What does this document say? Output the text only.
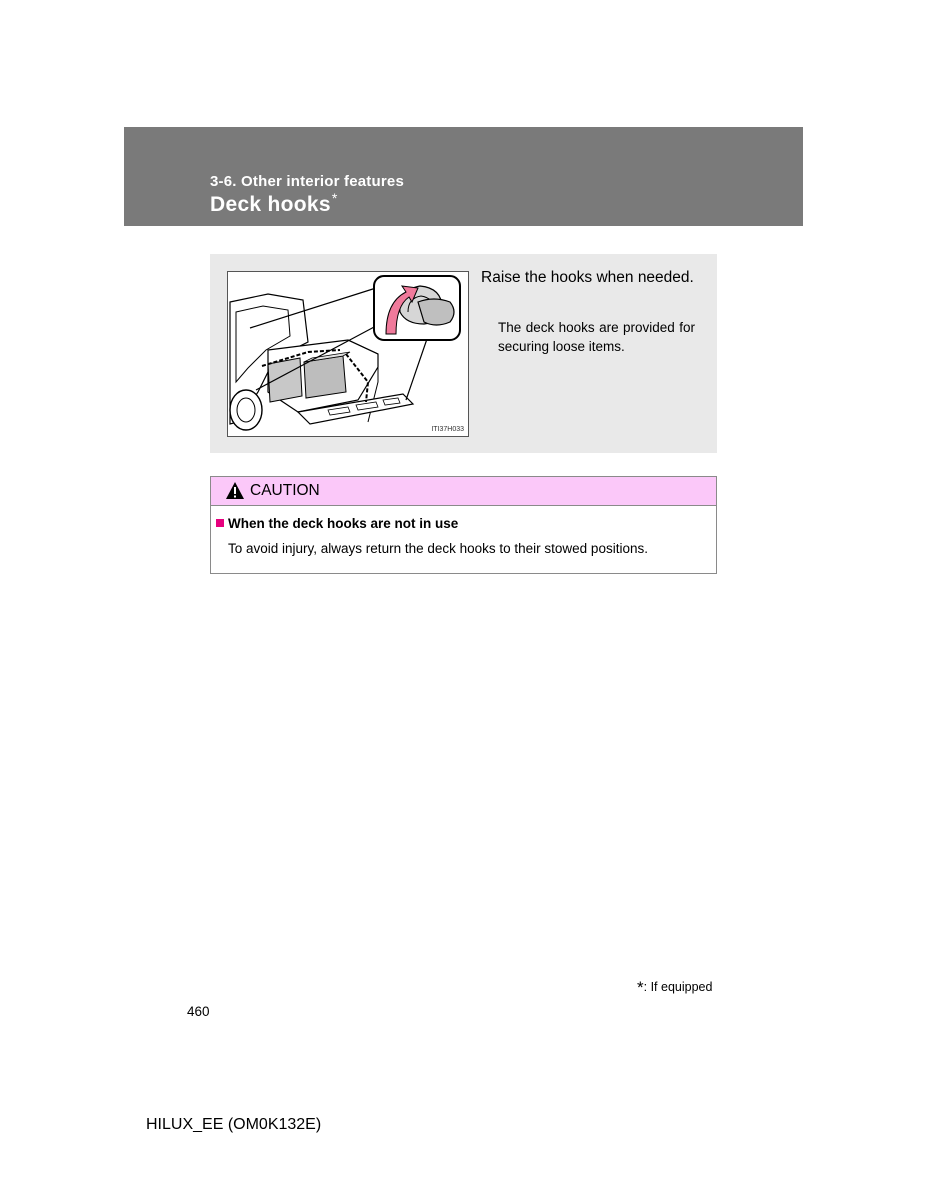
3-6. Other interior features
Deck hooks*
ITI37H033
Raise the hooks when needed.
The deck hooks are provided for securing loose items.
CAUTION
When the deck hooks are not in use
To avoid injury, always return the deck hooks to their stowed positions.
*: If equipped
460
HILUX_EE (OM0K132E)
